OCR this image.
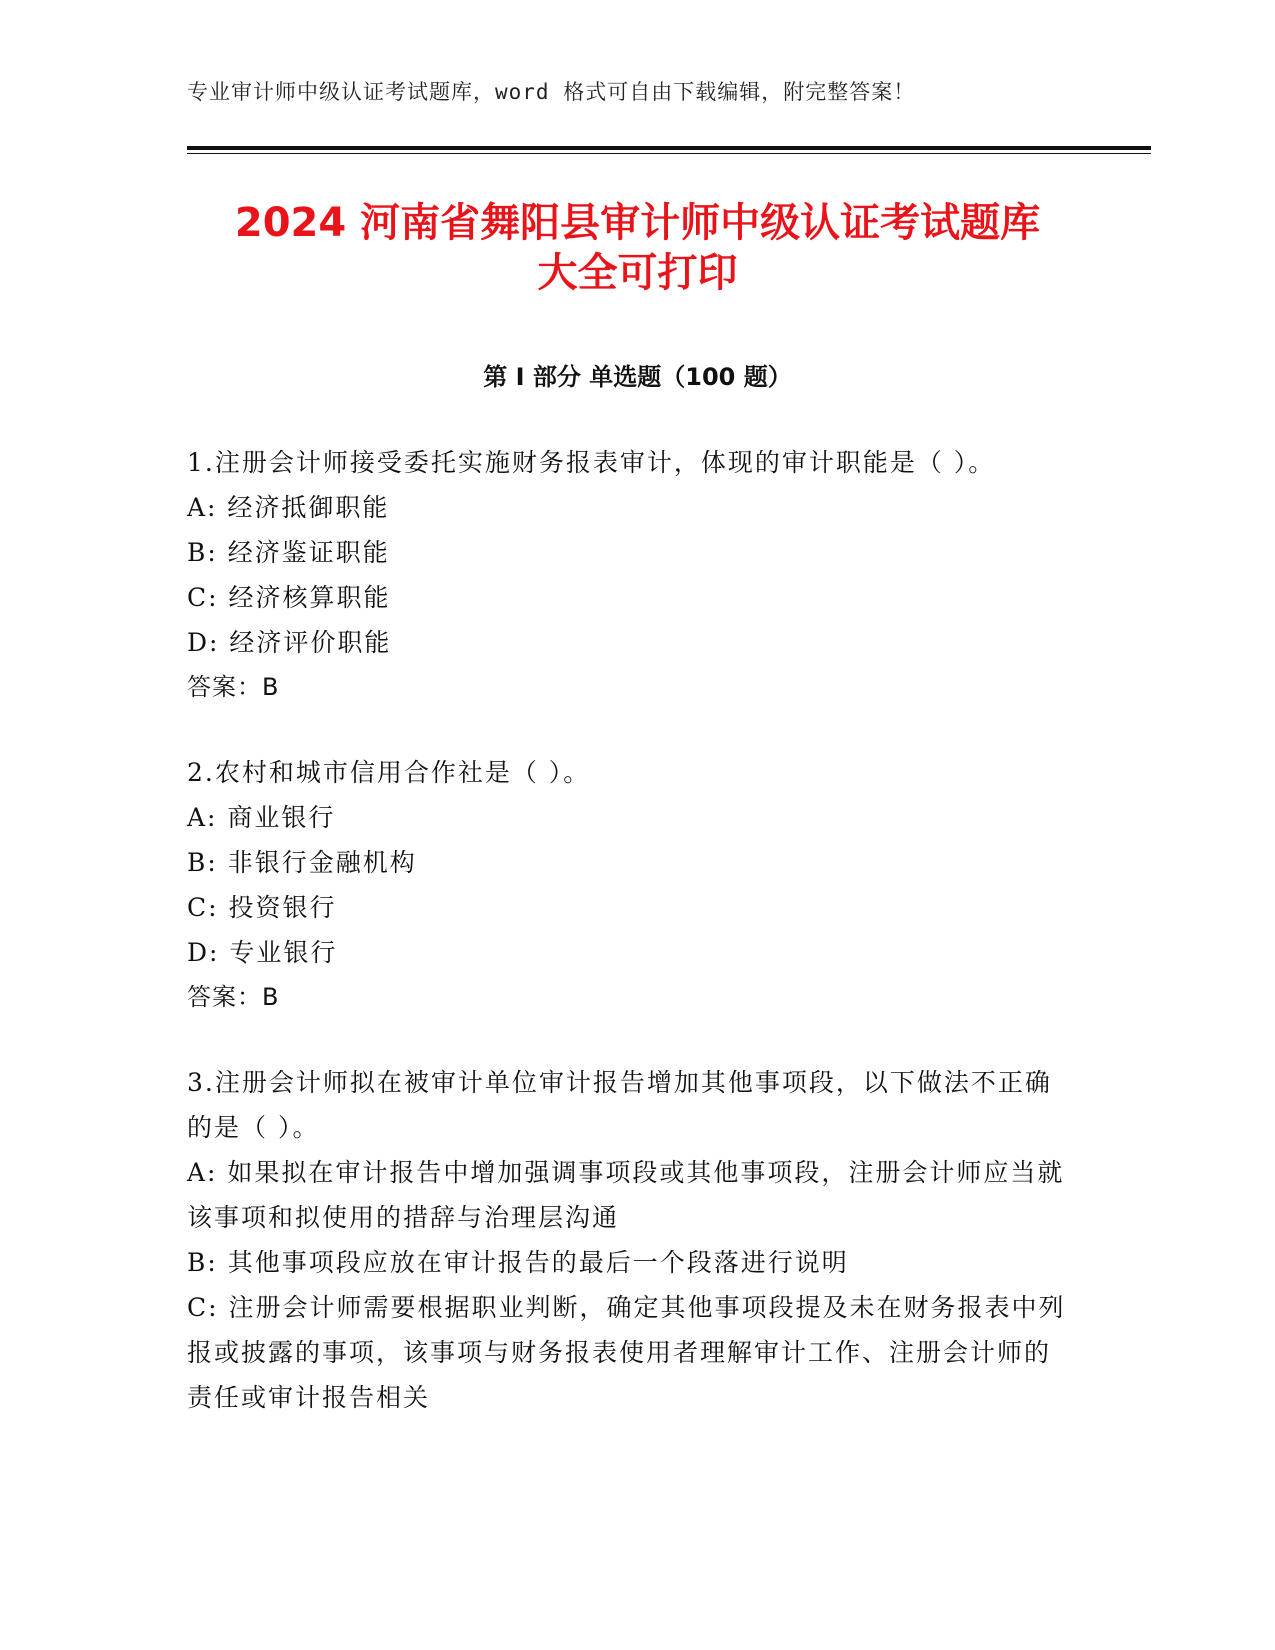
专业审计师中级认证考试题库，word 格式可自由下载编辑，附完整答案！
2024 河南省舞阳县审计师中级认证考试题库
大全可打印
第 I 部分 单选题（100 题）

1.注册会计师接受委托实施财务报表审计，体现的审计职能是（ ）。

A: 经济抵御职能

B: 经济鉴证职能

C: 经济核算职能

D: 经济评价职能

答案：B

2.农村和城市信用合作社是（ ）。

A: 商业银行

B: 非银行金融机构

C: 投资银行

D: 专业银行

答案：B

3.注册会计师拟在被审计单位审计报告增加其他事项段，以下做法不正确的是（ ）。

A: 如果拟在审计报告中增加强调事项段或其他事项段，注册会计师应当就该事项和拟使用的措辞与治理层沟通

B: 其他事项段应放在审计报告的最后一个段落进行说明

C: 注册会计师需要根据职业判断，确定其他事项段提及未在财务报表中列报或披露的事项，该事项与财务报表使用者理解审计工作、注册会计师的责任或审计报告相关
